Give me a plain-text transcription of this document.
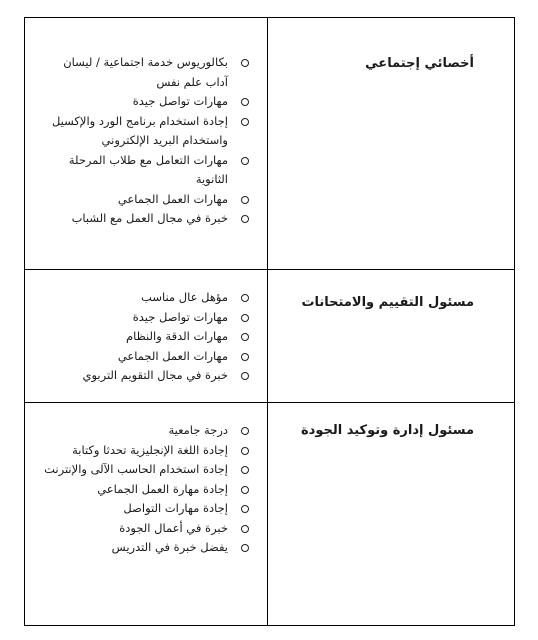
أخصائي إجتماعي
بكالوريوس خدمة اجتماعية / ليسان آداب علم نفس
مهارات تواصل جيدة
إجادة استخدام برنامج الورد والإكسيل واستخدام البريد الإلكتروني
مهارات التعامل مع طلاب المرحلة الثانوية
مهارات العمل الجماعي
خبرة في مجال العمل مع الشباب
مسئول التقييم والامتحانات
مؤهل عال مناسب
مهارات تواصل جيدة
مهارات الدقة والنظام
مهارات العمل الجماعي
خبرة في مجال التقويم التربوي
مسئول إدارة وتوكيد الجودة
درجة جامعية
إجادة اللغة الإنجليزية تحدثا وكتابة
إجادة استخدام الحاسب الآلى والإنترنت
إجادة مهارة العمل الجماعي
إجادة مهارات التواصل
خبرة في أعمال الجودة
يفضل خبرة في التدريس
